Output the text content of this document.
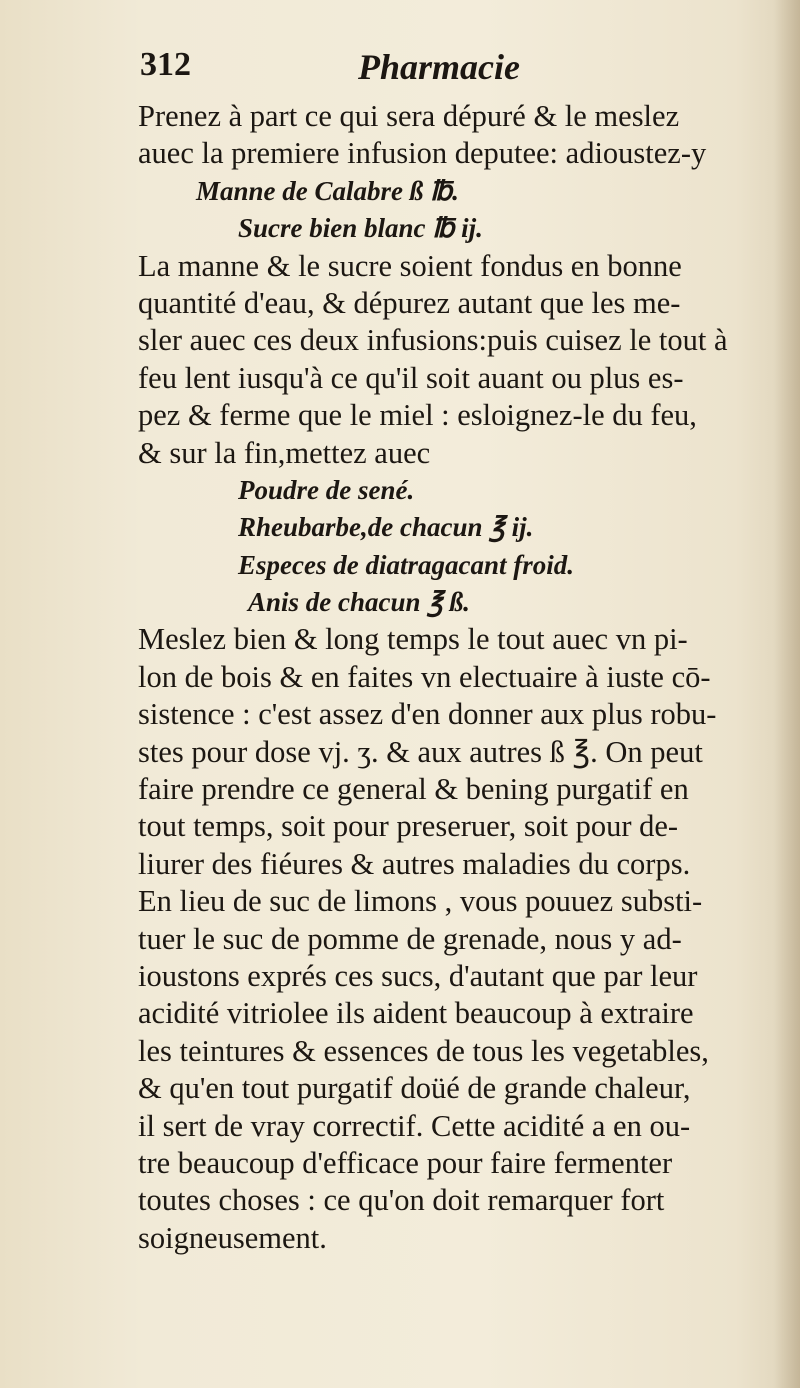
312	Pharmacie
Prenez à part ce qui sera dépuré & le meslez
auec la premiere infusion deputee: adioustez-y
Manne de Calabre ß ℔.
Sucre bien blanc ℔ ij.
La manne & le sucre soient fondus en bonne
quantité d'eau, & dépurez autant que les me-
sler auec ces deux infusions:puis cuisez le tout à
feu lent iusqu'à ce qu'il soit auant ou plus es-
pez & ferme que le miel : esloignez-le du feu,
& sur la fin,mettez auec
Poudre de sené.
Rheubarbe,de chacun ℥ ij.
Especes de diatragacant froid.
Anis de chacun ℥ ß.
Meslez bien & long temps le tout auec vn pi-
lon de bois & en faites vn electuaire à iuste cō-
sistence : c'est assez d'en donner aux plus robu-
stes pour dose vj. ʒ. & aux autres ß ℥. On peut
faire prendre ce general & bening purgatif en
tout temps, soit pour preseruer, soit pour de-
liurer des fiéures & autres maladies du corps.
En lieu de suc de limons , vous pouuez substi-
tuer le suc de pomme de grenade, nous y ad-
ioustons exprés ces sucs, d'autant que par leur
acidité vitriolee ils aident beaucoup à extraire
les teintures & essences de tous les vegetables,
& qu'en tout purgatif doüé de grande chaleur,
il sert de vray correctif. Cette acidité a en ou-
tre beaucoup d'efficace pour faire fermenter
toutes choses : ce qu'on doit remarquer fort
soigneusement.
